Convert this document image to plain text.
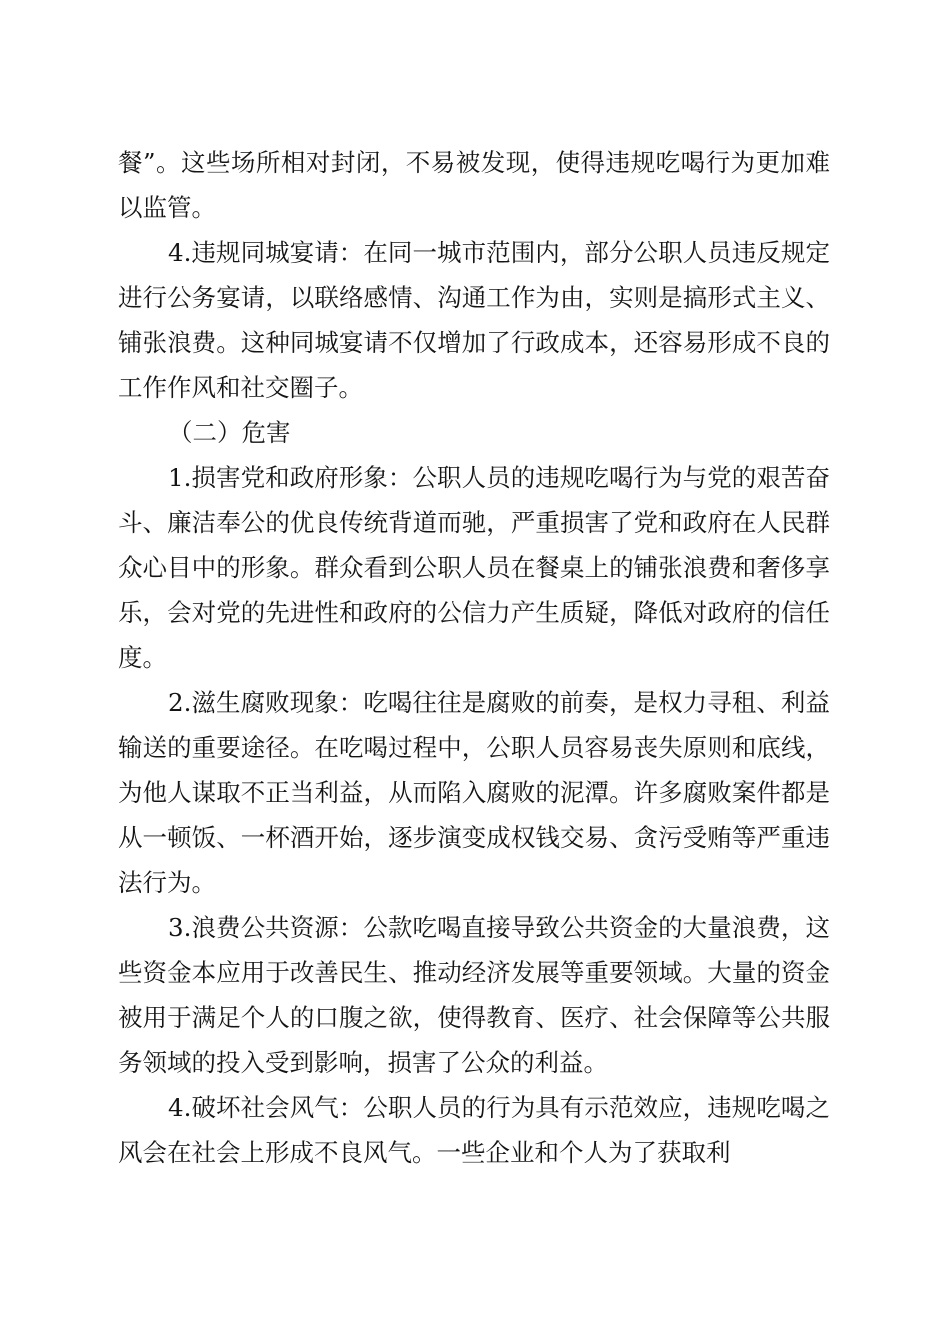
餐”。这些场所相对封闭，不易被发现，使得违规吃喝行为更加难以监管。

4.违规同城宴请：在同一城市范围内，部分公职人员违反规定进行公务宴请，以联络感情、沟通工作为由，实则是搞形式主义、铺张浪费。这种同城宴请不仅增加了行政成本，还容易形成不良的工作作风和社交圈子。

（二）危害

1.损害党和政府形象：公职人员的违规吃喝行为与党的艰苦奋斗、廉洁奉公的优良传统背道而驰，严重损害了党和政府在人民群众心目中的形象。群众看到公职人员在餐桌上的铺张浪费和奢侈享乐，会对党的先进性和政府的公信力产生质疑，降低对政府的信任度。

2.滋生腐败现象：吃喝往往是腐败的前奏，是权力寻租、利益输送的重要途径。在吃喝过程中，公职人员容易丧失原则和底线，为他人谋取不正当利益，从而陷入腐败的泥潭。许多腐败案件都是从一顿饭、一杯酒开始，逐步演变成权钱交易、贪污受贿等严重违法行为。

3.浪费公共资源：公款吃喝直接导致公共资金的大量浪费，这些资金本应用于改善民生、推动经济发展等重要领域。大量的资金被用于满足个人的口腹之欲，使得教育、医疗、社会保障等公共服务领域的投入受到影响，损害了公众的利益。

4.破坏社会风气：公职人员的行为具有示范效应，违规吃喝之风会在社会上形成不良风气。一些企业和个人为了获取利
